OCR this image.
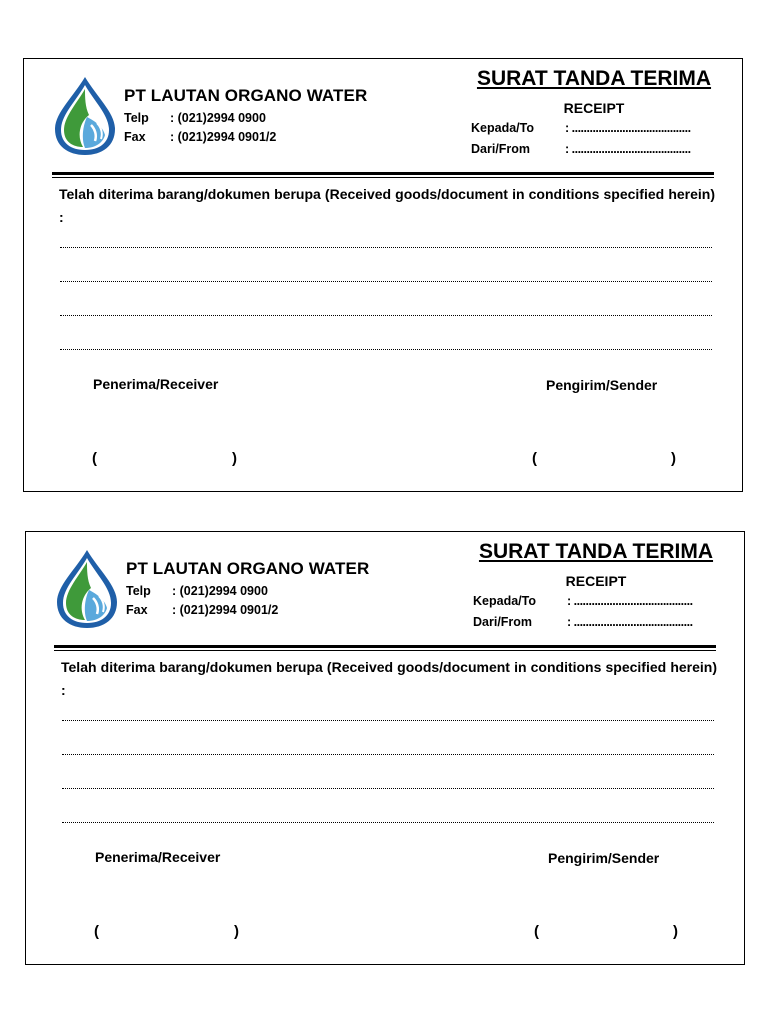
PT LAUTAN ORGANO WATER
Telp : (021)2994 0900
Fax : (021)2994 0901/2
SURAT TANDA TERIMA
RECEIPT
Kepada/To : ........................................
Dari/From	: ........................................
Telah diterima barang/dokumen berupa (Received goods/document in conditions specified herein) :
Penerima/Receiver	Pengirim/Sender
(	)	(	)
PT LAUTAN ORGANO WATER
Telp : (021)2994 0900
Fax : (021)2994 0901/2
SURAT TANDA TERIMA
RECEIPT
Kepada/To : ........................................
Dari/From	: ........................................
Telah diterima barang/dokumen berupa (Received goods/document in conditions specified herein) :
Penerima/Receiver	Pengirim/Sender
(	)	(	)
